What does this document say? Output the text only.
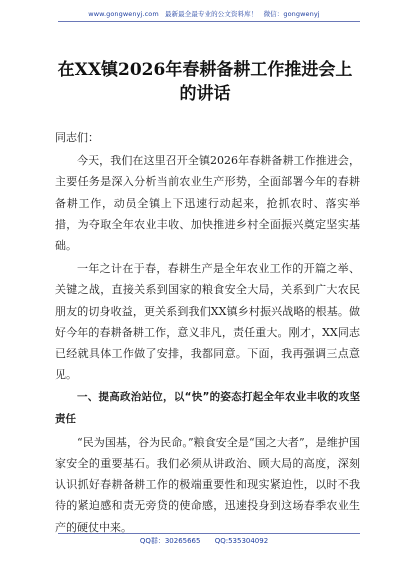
www.gongwenyj.com 最新最全最专业的公文资料库！ 微信：gongwenyj
在XX镇2026年春耕备耕工作推进会上
的讲话

同志们：

今天，我们在这里召开全镇2026年春耕备耕工作推进会，主要任务是深入分析当前农业生产形势，全面部署今年的春耕备耕工作，动员全镇上下迅速行动起来，抢抓农时、落实举措，为夺取全年农业丰收、加快推进乡村全面振兴奠定坚实基础。

一年之计在于春，春耕生产是全年农业工作的开篇之举、关键之战，直接关系到国家的粮食安全大局，关系到广大农民朋友的切身收益，更关系到我们XX镇乡村振兴战略的根基。做好今年的春耕备耕工作，意义非凡，责任重大。刚才，XX同志已经就具体工作做了安排，我都同意。下面，我再强调三点意见。

一、提高政治站位，以“快”的姿态打起全年农业丰收的攻坚责任

“民为国基，谷为民命。”粮食安全是“国之大者”，是维护国家安全的重要基石。我们必须从讲政治、顾大局的高度，深刻认识抓好春耕备耕工作的极端重要性和现实紧迫性，以时不我待的紧迫感和责无旁贷的使命感，迅速投身到这场春季农业生产的硬仗中来。

QQ群：30265665 QQ:535304092
